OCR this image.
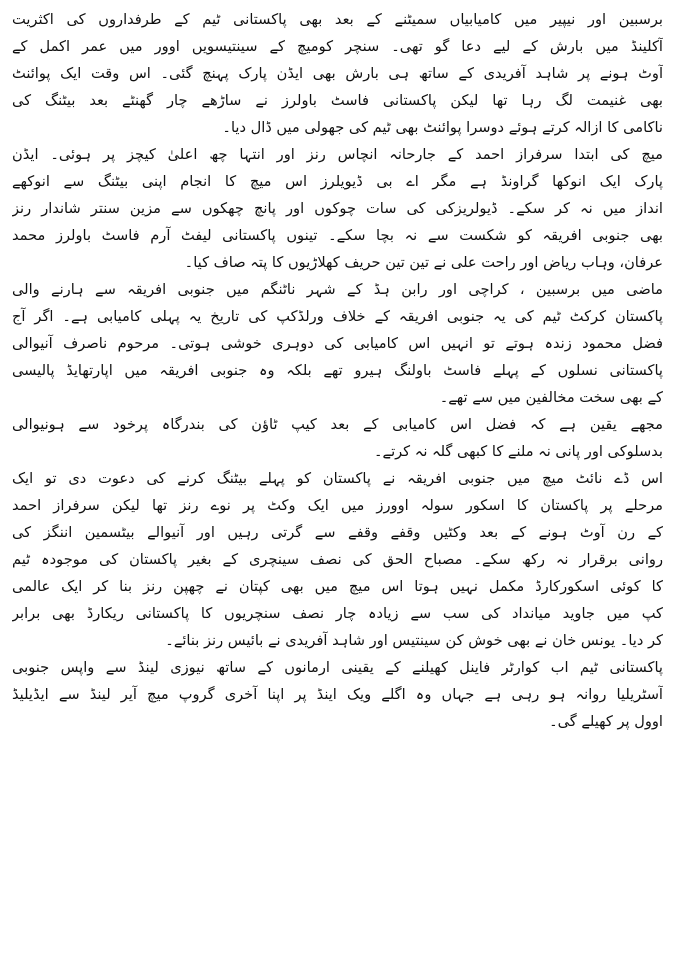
برسبین اور نیپیر میں کامیابیاں سمیٹنے کے بعد بھی پاکستانی ٹیم کے طرفداروں کی اکثریت
آکلینڈ میں بارش کے لیے دعا گو تھی۔ سنچر کومیچ کے سینتیسویں اوور میں عمر اکمل کے
آوٹ ہونے پر شاہد آفریدی کے ساتھ ہی بارش بھی ایڈن پارک پہنچ گئی۔ اس وقت ایک پوائنٹ
بھی غنیمت لگ رہا تھا لیکن پاکستانی فاسٹ باولرز نے ساڑھے چار گھنٹے بعد بیٹنگ کی
ناکامی کا ازالہ کرتے ہوئے دوسرا پوائنٹ بھی ٹیم کی جھولی میں ڈال دیا۔
میچ کی ابتدا سرفراز احمد کے جارحانہ انچاس رنز اور انتہا چھ اعلیٰ کیچز پر ہوئی۔ ایڈن
پارک ایک انوکھا گراونڈ ہے مگر اے بی ڈیویلرز اس میچ کا انجام اپنی بیٹنگ سے انوکھے
انداز میں نہ کر سکے۔ ڈیولریزکی کی سات چوکوں اور پانچ چھکوں سے مزین سنتر شاندار رنز
بھی جنوبی افریقہ کو شکست سے نہ بچا سکے۔ تینوں پاکستانی لیفٹ آرم فاسٹ باولرز محمد
عرفان، وہاب ریاض اور راحت علی نے تین تین حریف کھلاڑیوں کا پتہ صاف کیا۔
ماضی میں برسبین ، کراچی اور رابن ہڈ کے شہر ناٹنگم میں جنوبی افریقہ سے ہارنے والی
پاکستان کرکٹ ٹیم کی یہ جنوبی افریقہ کے خلاف ورلڈکپ کی تاریخ یہ پہلی کامیابی ہے۔ اگر آج
فضل محمود زندہ ہوتے تو انہیں اس کامیابی کی دوہری خوشی ہوتی۔ مرحوم ناصرف آنیوالی
پاکستانی نسلوں کے پہلے فاسٹ باولنگ ہیرو تھے بلکہ وہ جنوبی افریقہ میں اپارتھایڈ پالیسی
کے بھی سخت مخالفین میں سے تھے۔
مجھے یقین ہے کہ فضل اس کامیابی کے بعد کیپ ٹاؤن کی بندرگاہ پرخود سے ہونیوالی
بدسلوکی اور پانی نہ ملنے کا کبھی گلہ نہ کرتے۔
اس ڈے نائٹ میچ میں جنوبی افریقہ نے پاکستان کو پہلے بیٹنگ کرنے کی دعوت دی تو ایک
مرحلے پر پاکستان کا اسکور سولہ اوورز میں ایک وکٹ پر نوے رنز تھا لیکن سرفراز احمد
کے رن آوٹ ہونے کے بعد وکٹیں وقفے وقفے سے گرتی رہیں اور آنیوالے بیٹسمین اننگز کی
روانی برقرار نہ رکھ سکے۔ مصباح الحق کی نصف سینچری کے بغیر پاکستان کی موجودہ ٹیم
کا کوئی اسکورکارڈ مکمل نہیں ہوتا اس میچ میں بھی کپتان نے چھپن رنز بنا کر ایک عالمی
کپ میں جاوید میانداد کی سب سے زیادہ چار نصف سنچریوں کا پاکستانی ریکارڈ بھی برابر
کر دیا۔ یونس خان نے بھی خوش کن سینتیس اور شاہد آفریدی نے بائیس رنز بنائے۔
پاکستانی ٹیم اب کوارٹر فاینل کھیلنے کے یقینی ارمانوں کے ساتھ نیوزی لینڈ سے واپس جنوبی
آسٹریلیا روانہ ہو رہی ہے جہاں وہ اگلے ویک اینڈ پر اپنا آخری گروپ میچ آیر لینڈ سے ایڈیلیڈ
اوول پر کھیلے گی۔
